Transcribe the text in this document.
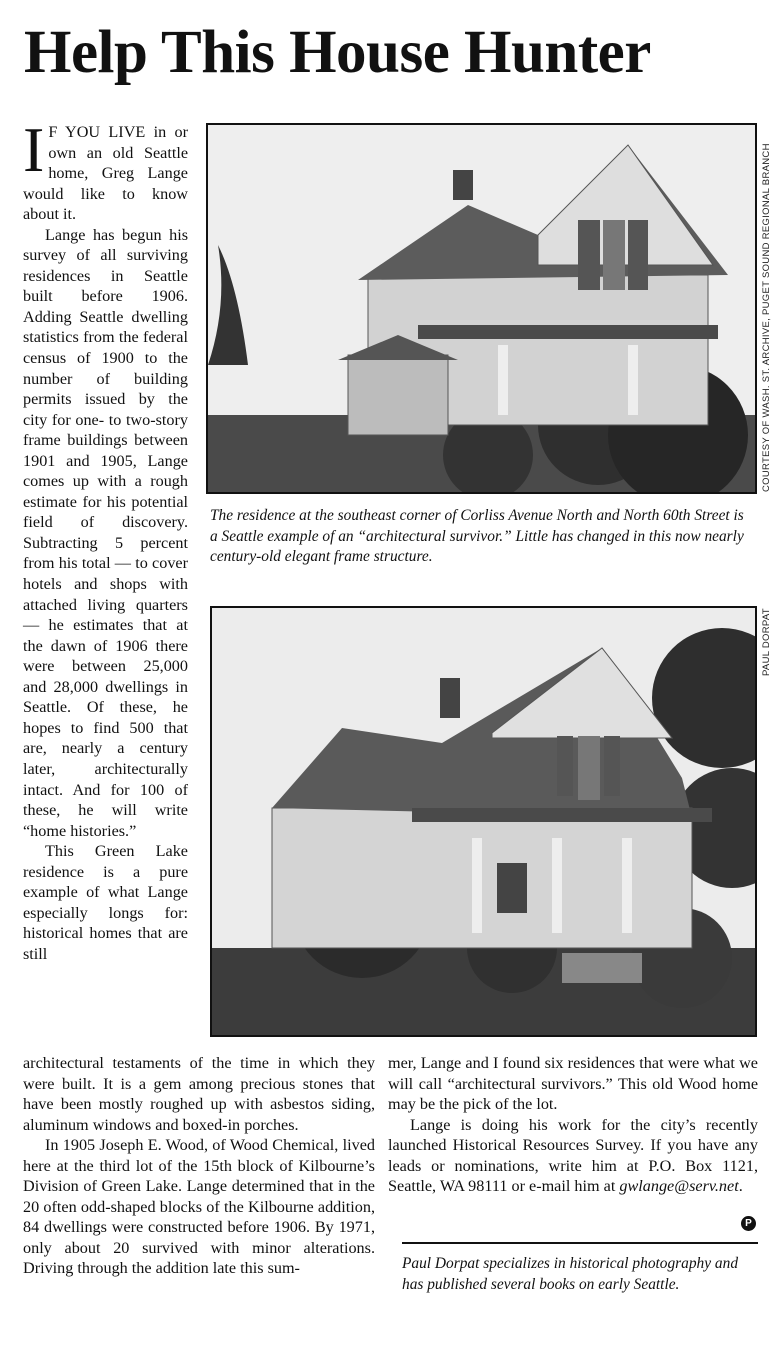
Help This House Hunter

I F YOU LIVE in or own an old Seattle home, Greg Lange would like to know about it.

Lange has begun his survey of all surviving residences in Seattle built before 1906. Adding Seattle dwelling statistics from the federal census of 1900 to the number of building permits issued by the city for one- to two-story frame buildings between 1901 and 1905, Lange comes up with a rough estimate for his potential field of discovery. Subtracting 5 percent from his total — to cover hotels and shops with attached living quarters — he estimates that at the dawn of 1906 there were between 25,000 and 28,000 dwellings in Seattle. Of these, he hopes to find 500 that are, nearly a century later, architecturally intact. And for 100 of these, he will write “home histories.”

This Green Lake residence is a pure example of what Lange especially longs for: historical homes that are still

COURTESY OF WASH. ST. ARCHIVE, PUGET SOUND REGIONAL BRANCH

The residence at the southeast corner of Corliss Avenue North and North 60th Street is a Seattle example of an “architectural survivor.” Little has changed in this now nearly century-old elegant frame structure.

PAUL DORPAT

architectural testaments of the time in which they were built. It is a gem among precious stones that have been mostly roughed up with asbestos siding, aluminum windows and boxed-in porches.

In 1905 Joseph E. Wood, of Wood Chemical, lived here at the third lot of the 15th block of Kilbourne’s Division of Green Lake. Lange determined that in the 20 often odd-shaped blocks of the Kilbourne addition, 84 dwellings were constructed before 1906. By 1971, only about 20 survived with minor alterations. Driving through the addition late this sum-

mer, Lange and I found six residences that were what we will call “architectural survivors.” This old Wood home may be the pick of the lot.

Lange is doing his work for the city’s recently launched Historical Resources Survey. If you have any leads or nominations, write him at P.O. Box 1121, Seattle, WA 98111 or e-mail him at gwlange@serv.net.

P

Paul Dorpat specializes in historical photography and has published several books on early Seattle.
